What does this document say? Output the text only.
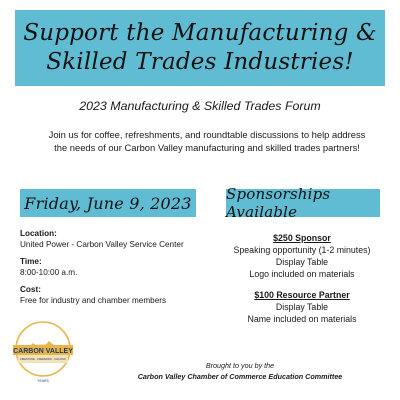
Support the Manufacturing &
Skilled Trades Industries!
2023 Manufacturing & Skilled Trades Forum
Join us for coffee, refreshments, and roundtable discussions to help address the needs of our Carbon Valley manufacturing and skilled trades partners!
Friday, June 9, 2023 Sponsorships Available
Location:
United Power - Carbon Valley Service Center
Time:
8:00-10:00 a.m.
Cost:
Free for industry and chamber members
$250 Sponsor
Speaking opportunity (1-2 minutes)
Display Table
Logo included on materials
$100 Resource Partner
Display Table
Name included on materials
CARBON VALLEY
FIRESTONE · FREDERICK · DACONO
YEARS
Brought to you by the
Carbon Valley Chamber of Commerce Education Committee
